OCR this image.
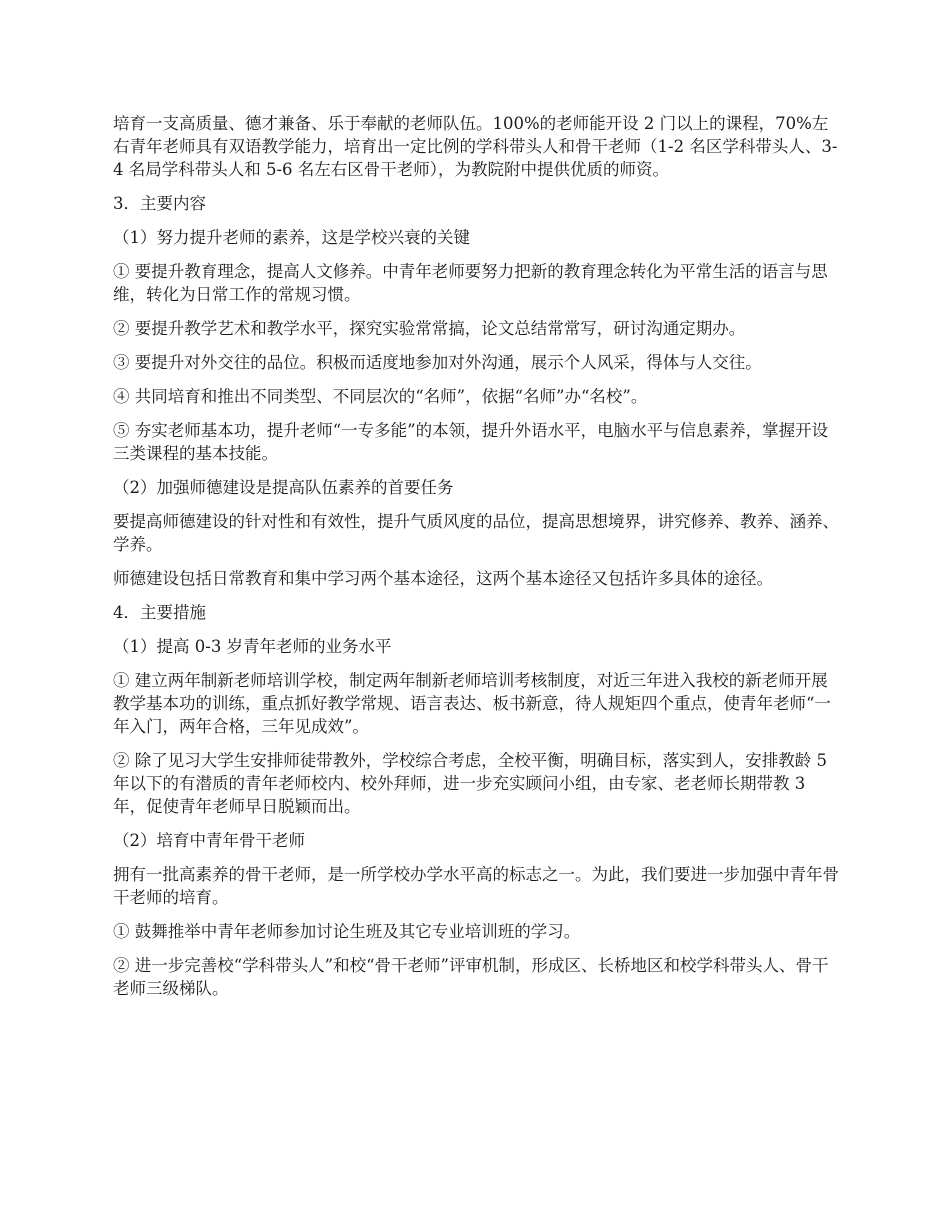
培育一支高质量、德才兼备、乐于奉献的老师队伍。100%的老师能开设 2 门以上的课程，70%左右青年老师具有双语教学能力，培育出一定比例的学科带头人和骨干老师（1-2 名区学科带头人、3-4 名局学科带头人和 5-6 名左右区骨干老师），为教院附中提供优质的师资。

3．主要内容

（1）努力提升老师的素养，这是学校兴衰的关键

① 要提升教育理念，提高人文修养。中青年老师要努力把新的教育理念转化为平常生活的语言与思维，转化为日常工作的常规习惯。

② 要提升教学艺术和教学水平，探究实验常常搞，论文总结常常写，研讨沟通定期办。

③ 要提升对外交往的品位。积极而适度地参加对外沟通，展示个人风采，得体与人交往。

④ 共同培育和推出不同类型、不同层次的“名师”，依据“名师”办“名校”。

⑤ 夯实老师基本功，提升老师“一专多能”的本领，提升外语水平，电脑水平与信息素养，掌握开设三类课程的基本技能。

（2）加强师德建设是提高队伍素养的首要任务

要提高师德建设的针对性和有效性，提升气质风度的品位，提高思想境界，讲究修养、教养、涵养、学养。

师德建设包括日常教育和集中学习两个基本途径，这两个基本途径又包括许多具体的途径。

4．主要措施

（1）提高 0-3 岁青年老师的业务水平

① 建立两年制新老师培训学校，制定两年制新老师培训考核制度，对近三年进入我校的新老师开展教学基本功的训练，重点抓好教学常规、语言表达、板书新意，待人规矩四个重点，使青年老师“一年入门，两年合格，三年见成效”。

② 除了见习大学生安排师徒带教外，学校综合考虑，全校平衡，明确目标，落实到人，安排教龄 5 年以下的有潜质的青年老师校内、校外拜师，进一步充实顾问小组，由专家、老老师长期带教 3 年，促使青年老师早日脱颖而出。

（2）培育中青年骨干老师

拥有一批高素养的骨干老师，是一所学校办学水平高的标志之一。为此，我们要进一步加强中青年骨干老师的培育。

① 鼓舞推举中青年老师参加讨论生班及其它专业培训班的学习。

② 进一步完善校“学科带头人”和校“骨干老师”评审机制，形成区、长桥地区和校学科带头人、骨干老师三级梯队。
